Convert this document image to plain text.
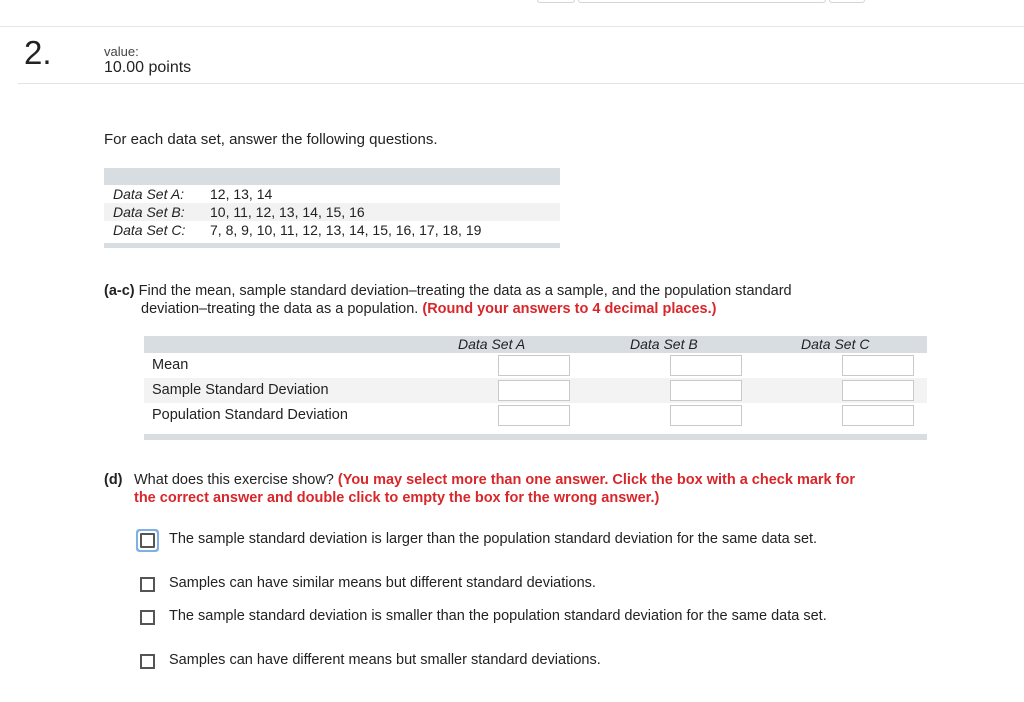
2.	value:
10.00 points
For each data set, answer the following questions.
Data Set A:	12, 13, 14
Data Set B:	10, 11, 12, 13, 14, 15, 16
Data Set C:	7, 8, 9, 10, 11, 12, 13, 14, 15, 16, 17, 18, 19
(a-c) Find the mean, sample standard deviation–treating the data as a sample, and the population standard
deviation–treating the data as a population. (Round your answers to 4 decimal places.)
Data Set A	Data Set B	Data Set C
Mean
Sample Standard Deviation
Population Standard Deviation
(d) What does this exercise show? (You may select more than one answer. Click the box with a check mark for the correct answer and double click to empty the box for the wrong answer.)
The sample standard deviation is larger than the population standard deviation for the same data set.
Samples can have similar means but different standard deviations.
The sample standard deviation is smaller than the population standard deviation for the same data set.
Samples can have different means but smaller standard deviations.
